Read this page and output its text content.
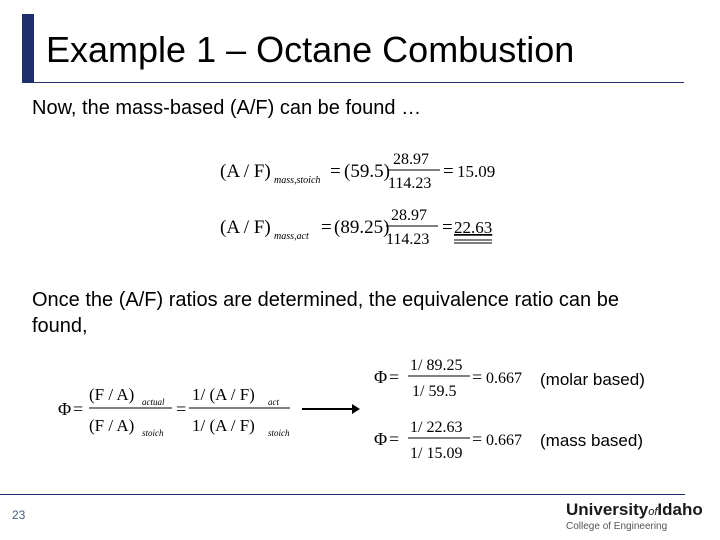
Example 1 – Octane Combustion
Now, the mass-based (A/F) can be found …
(A / F) mass,stoich = (59.5)
28.97
114.23
= 15.09
(A / F) mass,act = (89.25)
28.97
114.23
= 22.63
Once the (A/F) ratios are determined, the equivalence ratio can be found,
Φ =
(F / A) actual
(F / A) stoich
=
1/ (A / F) act
1/ (A / F) stoich
Φ =
1/ 89.25
1/ 59.5
= 0.667 (molar based)
Φ =
1/ 22.63
1/ 15.09
= 0.667 (mass based)
23	UniversityofIdaho
College of Engineering
